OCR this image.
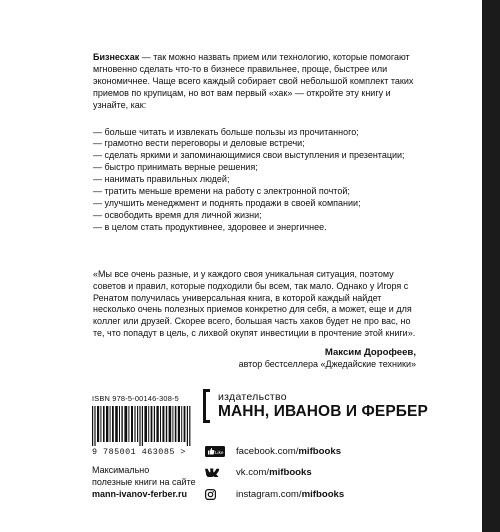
Бизнесхак — так можно назвать прием или технологию, которые помогают мгновенно сделать что-то в бизнесе правильнее, проще, быстрее или экономичнее. Чаще всего каждый собирает свой небольшой комплект таких приемов по крупицам, но вот вам первый «хак» — откройте эту книгу и узнайте, как:

— больше читать и извлекать больше пользы из прочитанного;
— грамотно вести переговоры и деловые встречи;
— сделать яркими и запоминающимися свои выступления и презентации;
— быстро принимать верные решения;
— нанимать правильных людей;
— тратить меньше времени на работу с электронной почтой;
— улучшить менеджмент и поднять продажи в своей компании;
— освободить время для личной жизни;
— в целом стать продуктивнее, здоровее и энергичнее.

«Мы все очень разные, и у каждого своя уникальная ситуация, поэтому советов и правил, которые подходили бы всем, так мало. Однако у Игоря с Ренатом получилась универсальная книга, в которой каждый найдет несколько очень полезных приемов конкретно для себя, а может, еще и для коллег или друзей. Скорее всего, большая часть хаков будет не про вас, но те, что попадут в цель, с лихвой окупят инвестиции в прочтение этой книги».

Максим Дорофеев,
автор бестселлера «Джедайские техники»
ISBN 978-5-00146-308-5
9 785001 463085 >
издательство
МАНН, ИВАНОВ И ФЕРБЕР
Максимально
полезные книги на сайте
mann-ivanov-ferber.ru
Like facebook.com/mifbooks
vk.com/mifbooks
instagram.com/mifbooks
